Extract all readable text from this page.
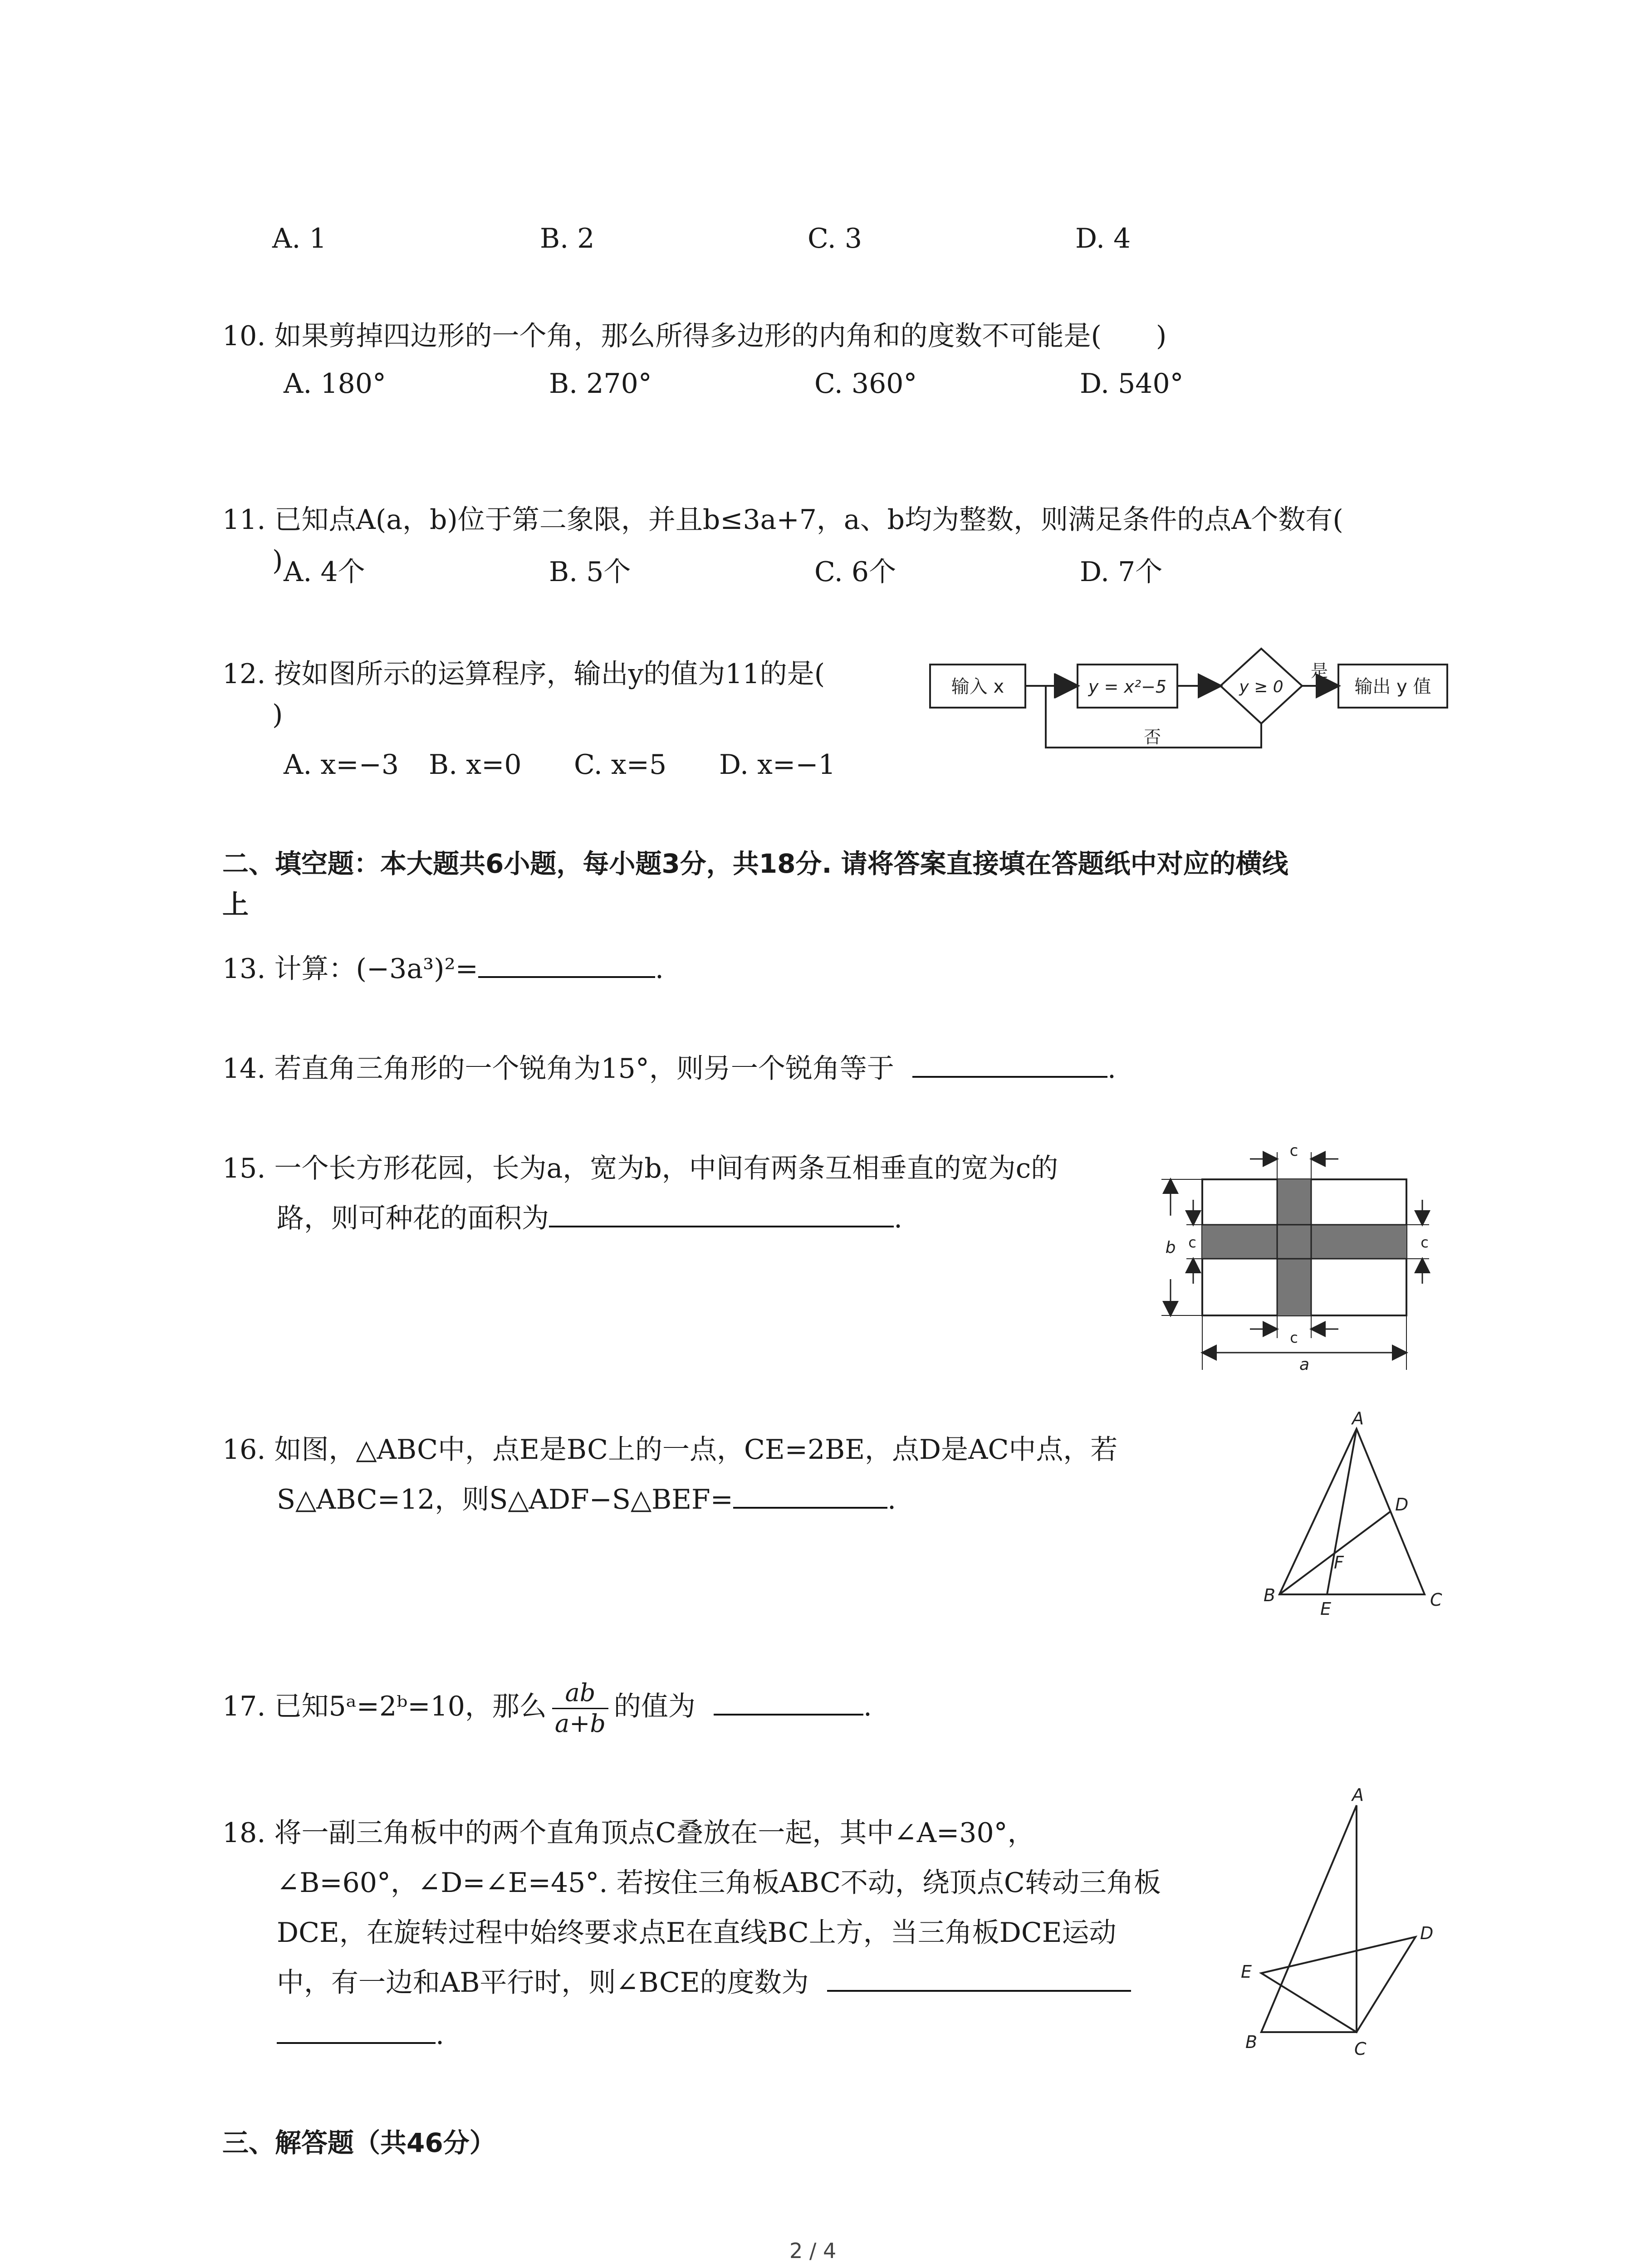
A. 1	B. 2	C. 3	D. 4
10. 如果剪掉四边形的一个角，那么所得多边形的内角和的度数不可能是(　　)
A. 180°	B. 270°	C. 360°	D. 540°
11. 已知点A(a，b)位于第二象限，并且b≤3a+7，a、b均为整数，则满足条件的点A个数有(
) A. 4个	B. 5个	C. 6个	D. 7个
12. 按如图所示的运算程序，输出y的值为11的是(
)
A. x=−3 B. x=0 C. x=5 D. x=−1
输入 x	y = x²−5	y ≥ 0	输出 y 值
是
否
二、填空题：本大题共6小题，每小题3分，共18分. 请将答案直接填在答题纸中对应的横线
上
13. 计算：(−3a³)²=	.
14. 若直角三角形的一个锐角为15°，则另一个锐角等于	.
15. 一个长方形花园，长为a，宽为b，中间有两条互相垂直的宽为c的
路，则可种花的面积为	.
c
b c	c
c
a
16. 如图，△ABC中，点E是BC上的一点，CE=2BE，点D是AC中点，若
S△ABC=12，则S△ADF−S△BEF=	.
A
B	C
D
E
F
17. 已知5ᵃ=2ᵇ=10，那么 $\frac{ab}{a+b}$ 的值为	.
18. 将一副三角板中的两个直角顶点C叠放在一起，其中∠A=30°，
∠B=60°，∠D=∠E=45°. 若按住三角板ABC不动，绕顶点C转动三角板
DCE，在旋转过程中始终要求点E在直线BC上方，当三角板DCE运动
中，有一边和AB平行时，则∠BCE的度数为
.
A
B	C
D
E
三、解答题（共46分）
2 / 4
